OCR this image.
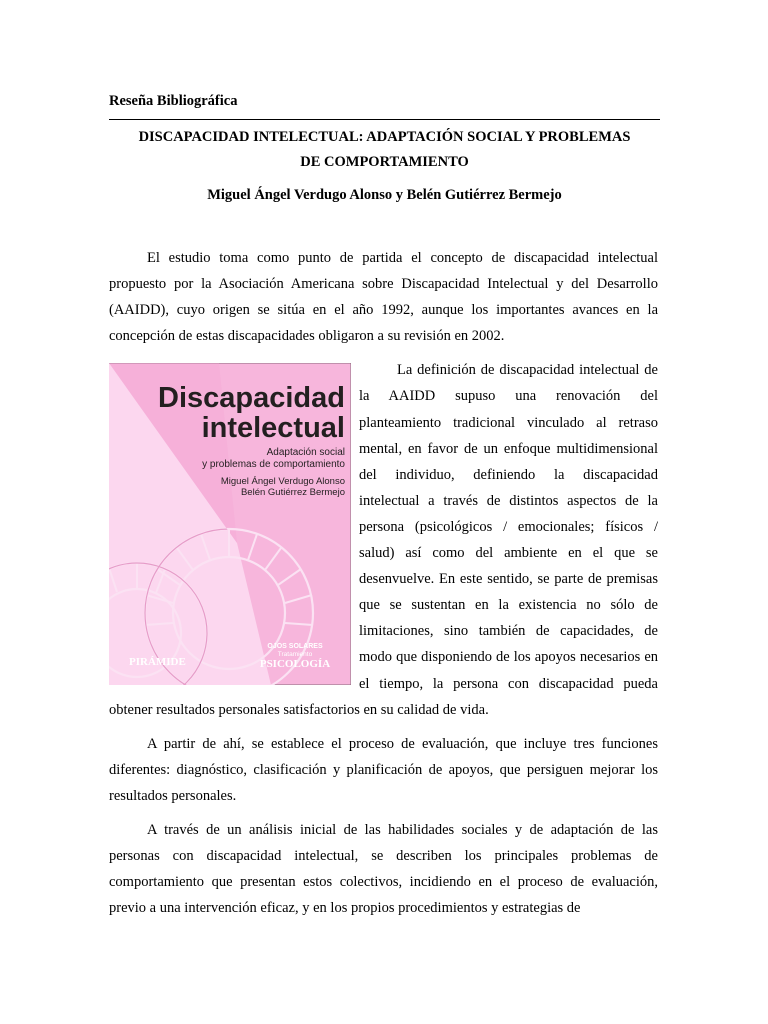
Reseña Bibliográfica

DISCAPACIDAD INTELECTUAL: ADAPTACIÓN SOCIAL Y PROBLEMAS
DE COMPORTAMIENTO

Miguel Ángel Verdugo Alonso y Belén Gutiérrez Bermejo

El estudio toma como punto de partida el concepto de discapacidad intelectual propuesto por la Asociación Americana sobre Discapacidad Intelectual y del Desarrollo (AAIDD), cuyo origen se sitúa en el año 1992, aunque los importantes avances en la concepción de estas discapacidades obligaron a su revisión en 2002.

Discapacidad
intelectual
Adaptación social
y problemas de comportamiento
Miguel Ángel Verdugo Alonso
Belén Gutiérrez Bermejo
PIRÁMIDE
OJOS SOLARES
Tratamiento
PSICOLOGÍA

La definición de discapacidad intelectual de la AAIDD supuso una renovación del planteamiento tradicional vinculado al retraso mental, en favor de un enfoque multidimensional del individuo, definiendo la discapacidad intelectual a través de distintos aspectos de la persona (psicológicos / emocionales; físicos / salud) así como del ambiente en el que se desenvuelve. En este sentido, se parte de premisas que se sustentan en la existencia no sólo de limitaciones, sino también de capacidades, de modo que disponiendo de los apoyos necesarios en el tiempo, la persona con discapacidad pueda obtener resultados personales satisfactorios en su calidad de vida.

A partir de ahí, se establece el proceso de evaluación, que incluye tres funciones diferentes: diagnóstico, clasificación y planificación de apoyos, que persiguen mejorar los resultados personales.

A través de un análisis inicial de las habilidades sociales y de adaptación de las personas con discapacidad intelectual, se describen los principales problemas de comportamiento que presentan estos colectivos, incidiendo en el proceso de evaluación, previo a una intervención eficaz, y en los propios procedimientos y estrategias de
